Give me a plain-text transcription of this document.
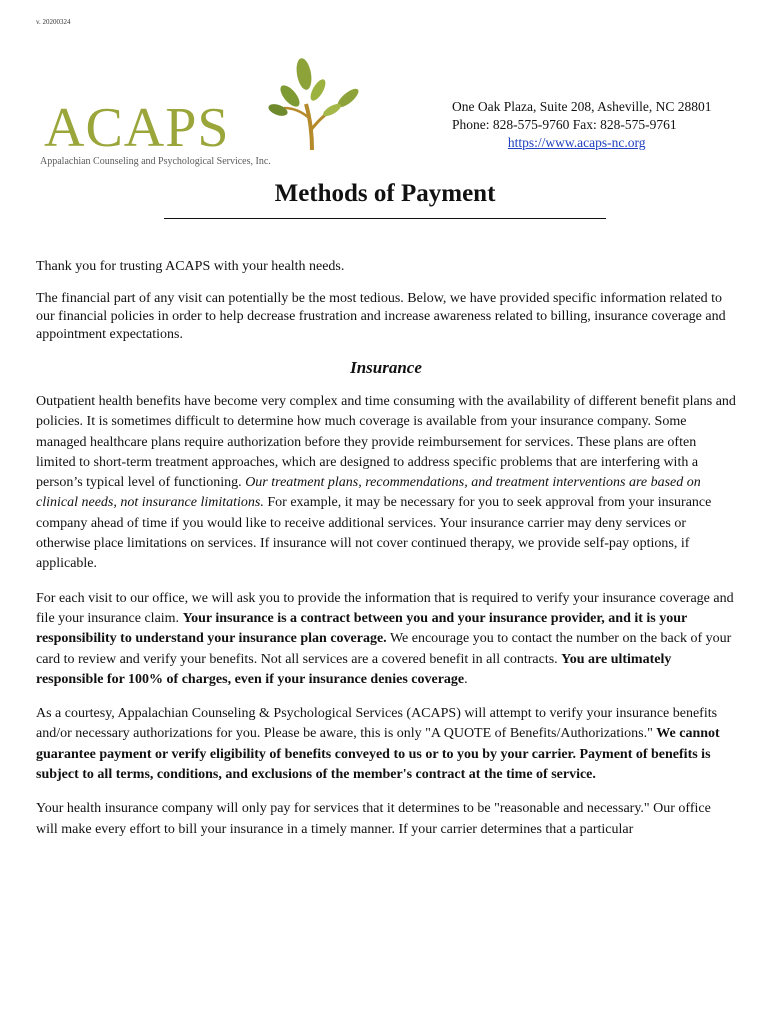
v. 20200324
ACAPS
Appalachian Counseling and Psychological Services, Inc.
One Oak Plaza, Suite 208, Asheville, NC 28801
Phone: 828-575-9760 Fax: 828-575-9761
https://www.acaps-nc.org
Methods of Payment

Thank you for trusting ACAPS with your health needs.

The financial part of any visit can potentially be the most tedious. Below, we have provided specific information related to our financial policies in order to help decrease frustration and increase awareness related to billing, insurance coverage and appointment expectations.

Insurance

Outpatient health benefits have become very complex and time consuming with the availability of different benefit plans and policies. It is sometimes difficult to determine how much coverage is available from your insurance company. Some managed healthcare plans require authorization before they provide reimbursement for services. These plans are often limited to short-term treatment approaches, which are designed to address specific problems that are interfering with a person’s typical level of functioning. Our treatment plans, recommendations, and treatment interventions are based on clinical needs, not insurance limitations. For example, it may be necessary for you to seek approval from your insurance company ahead of time if you would like to receive additional services. Your insurance carrier may deny services or otherwise place limitations on services. If insurance will not cover continued therapy, we provide self-pay options, if applicable.

For each visit to our office, we will ask you to provide the information that is required to verify your insurance coverage and file your insurance claim. Your insurance is a contract between you and your insurance provider, and it is your responsibility to understand your insurance plan coverage. We encourage you to contact the number on the back of your card to review and verify your benefits. Not all services are a covered benefit in all contracts. You are ultimately responsible for 100% of charges, even if your insurance denies coverage.

As a courtesy, Appalachian Counseling & Psychological Services (ACAPS) will attempt to verify your insurance benefits and/or necessary authorizations for you. Please be aware, this is only "A QUOTE of Benefits/Authorizations." We cannot guarantee payment or verify eligibility of benefits conveyed to us or to you by your carrier. Payment of benefits is subject to all terms, conditions, and exclusions of the member's contract at the time of service.

Your health insurance company will only pay for services that it determines to be "reasonable and necessary." Our office will make every effort to bill your insurance in a timely manner. If your carrier determines that a particular
